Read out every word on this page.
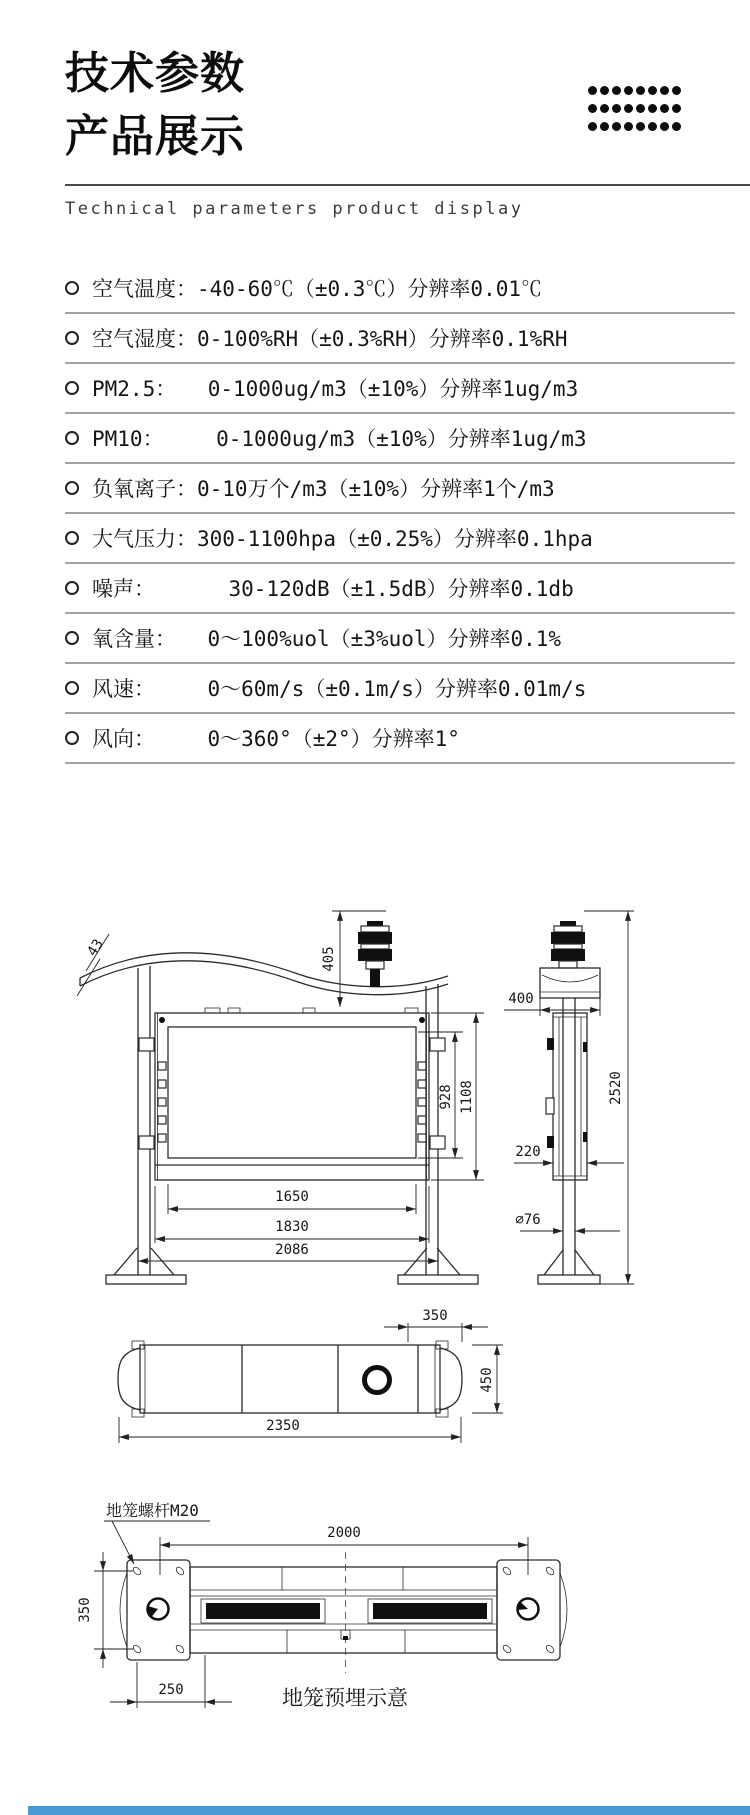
技术参数
产品展示
Technical parameters product display
空气温度：-40-60℃（±0.3℃）分辨率0.01℃
空气湿度：0-100%RH（±0.3%RH）分辨率0.1%RH
PM2.5：　　0-1000ug/m3（±10%）分辨率1ug/m3
PM10：　　　0-1000ug/m3（±10%）分辨率1ug/m3
负氧离子：0-10万个/m3（±10%）分辨率1个/m3
大气压力：300-1100hpa（±0.25%）分辨率0.1hpa
噪声：　　　　30-120dB（±1.5dB）分辨率0.1db
氧含量：　　0～100%uol（±3%uol）分辨率0.1%
风速：　　　0～60m/s（±0.1m/s）分辨率0.01m/s
风向：　　　0～360°（±2°）分辨率1°
43	405
928 1108
1650
1830
2086
400
220
∅76
2520
350
450
2350
地笼螺杆M20
2000
350
250	地笼预埋示意
